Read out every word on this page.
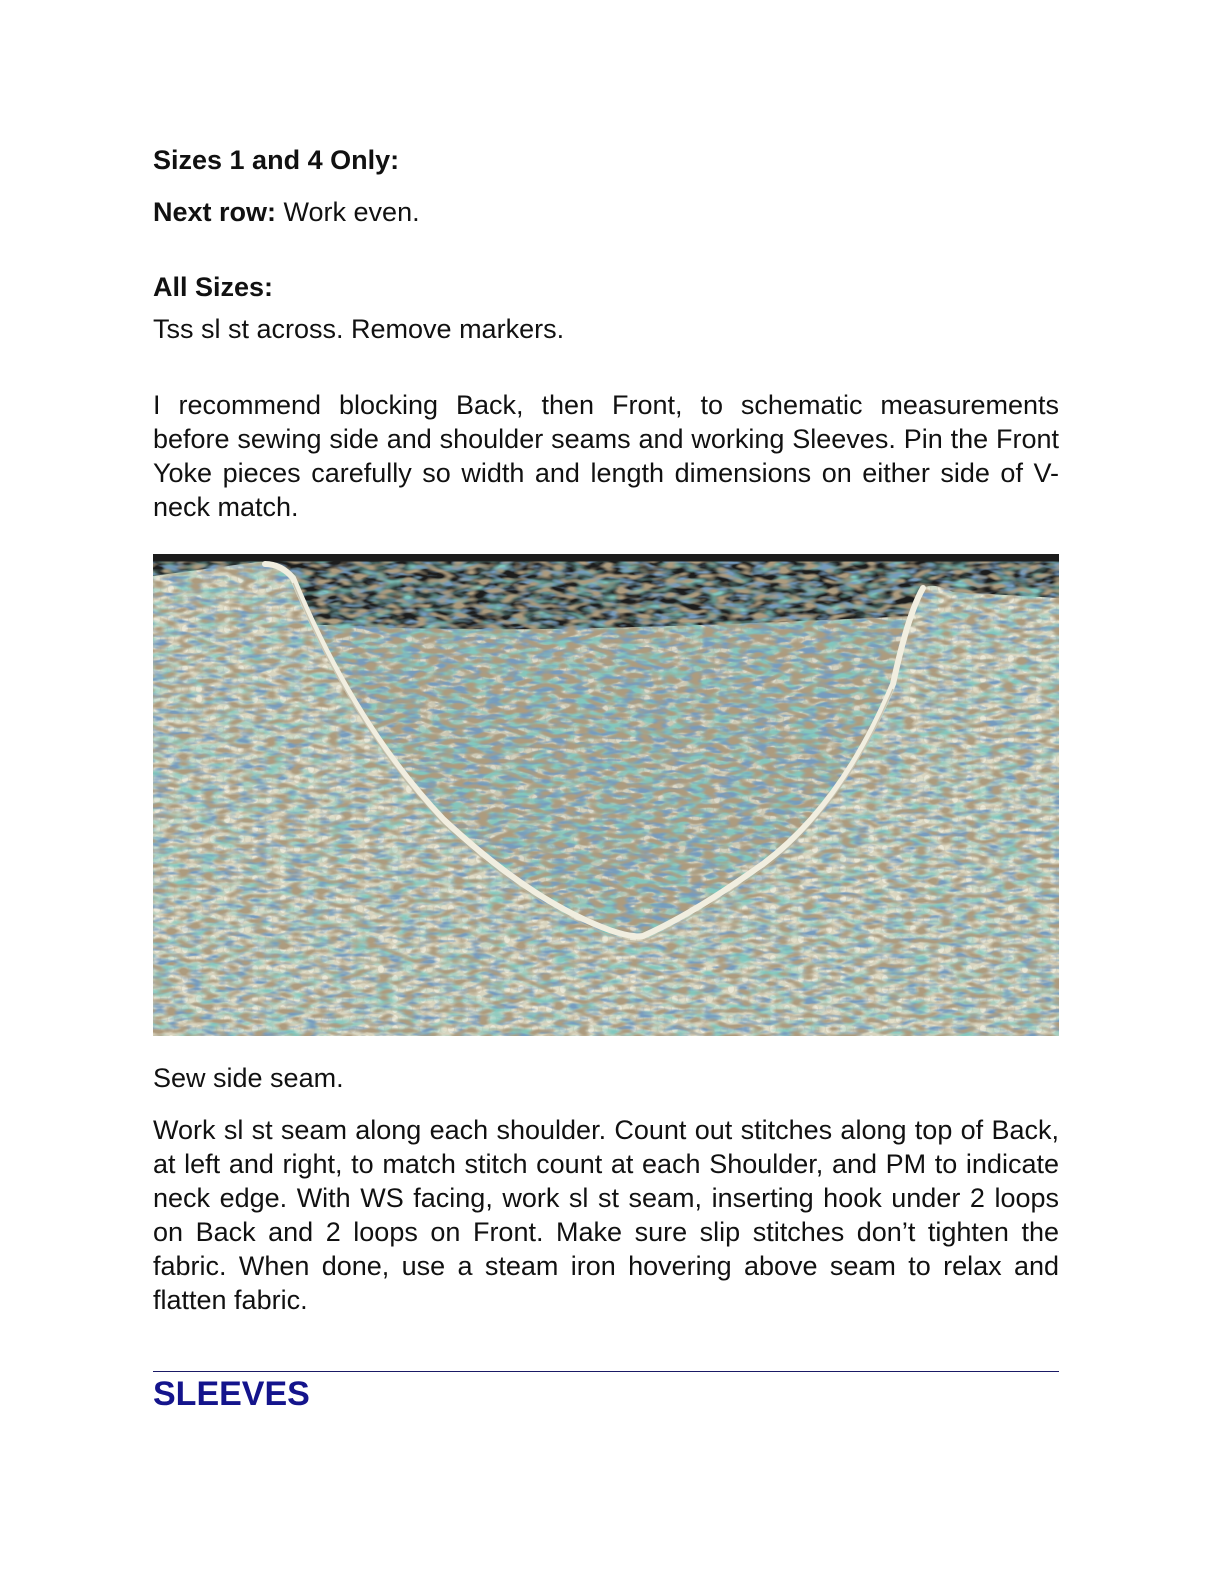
Sizes 1 and 4 Only:

Next row: Work even.

All Sizes:

Tss sl st across. Remove markers.

I recommend blocking Back, then Front, to schematic measurements before sewing side and shoulder seams and working Sleeves. Pin the Front Yoke pieces carefully so width and length dimensions on either side of V-neck match.

Sew side seam.

Work sl st seam along each shoulder. Count out stitches along top of Back, at left and right, to match stitch count at each Shoulder, and PM to indicate neck edge. With WS facing, work sl st seam, inserting hook under 2 loops on Back and 2 loops on Front. Make sure slip stitches don’t tighten the fabric. When done, use a steam iron hovering above seam to relax and flatten fabric.

SLEEVES
